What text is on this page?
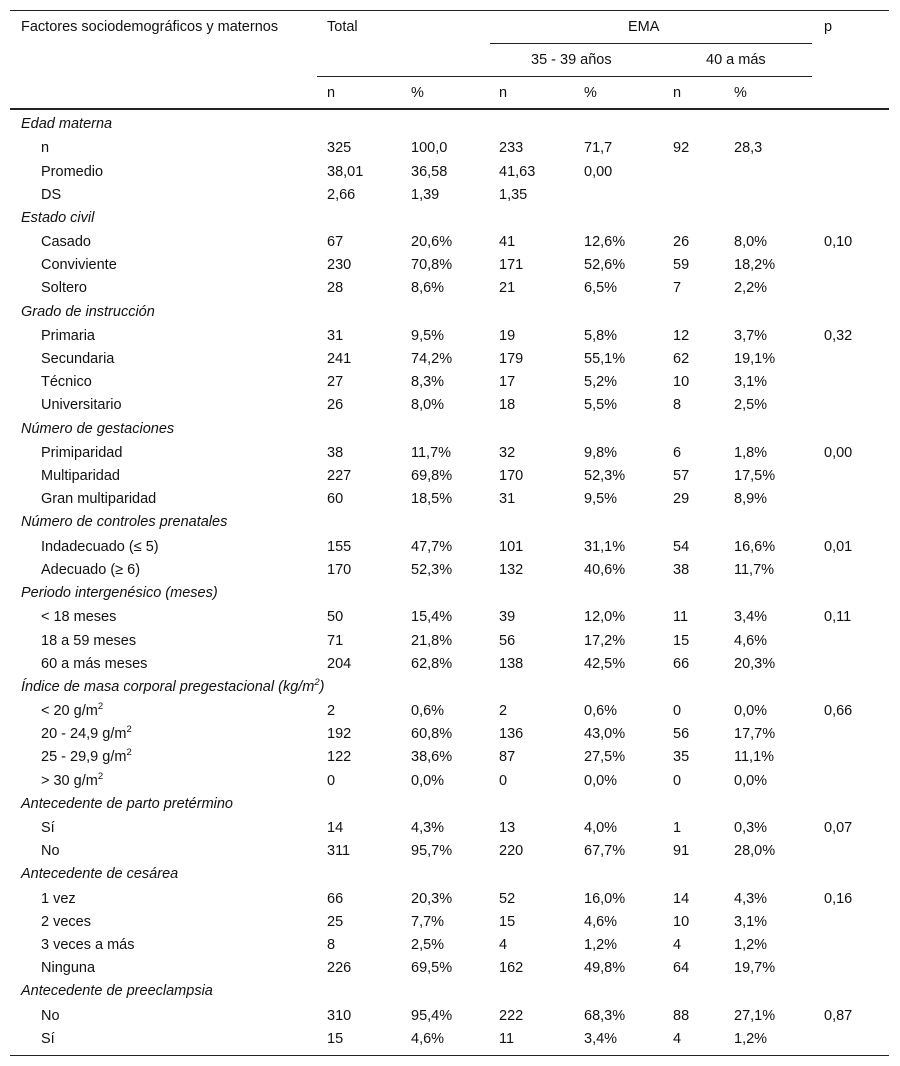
Factores sociodemográficos y maternos	Total	EMA	p
35 - 39 años	40 a más
n	%	n	%	n	%
Edad materna
n	325	100,0	233	71,7	92	28,3
Promedio	38,01	36,58	41,63	0,00
DS	2,66	1,39	1,35
Estado civil
Casado	67	20,6%	41	12,6%	26	8,0%	0,10
Conviviente	230	70,8%	171	52,6%	59	18,2%
Soltero	28	8,6%	21	6,5%	7	2,2%
Grado de instrucción
Primaria	31	9,5%	19	5,8%	12	3,7%	0,32
Secundaria	241	74,2%	179	55,1%	62	19,1%
Técnico	27	8,3%	17	5,2%	10	3,1%
Universitario	26	8,0%	18	5,5%	8	2,5%
Número de gestaciones
Primiparidad	38	11,7%	32	9,8%	6	1,8%	0,00
Multiparidad	227	69,8%	170	52,3%	57	17,5%
Gran multiparidad	60	18,5%	31	9,5%	29	8,9%
Número de controles prenatales
Indadecuado (≤ 5)	155	47,7%	101	31,1%	54	16,6%	0,01
Adecuado (≥ 6)	170	52,3%	132	40,6%	38	11,7%
Periodo intergenésico (meses)
< 18 meses	50	15,4%	39	12,0%	11	3,4%	0,11
18 a 59 meses	71	21,8%	56	17,2%	15	4,6%
60 a más meses	204	62,8%	138	42,5%	66	20,3%
Índice de masa corporal pregestacional $(kg/m^2)$
< 20 $g/m^2$	2	0,6%	2	0,6%	0	0,0%	0,66
20 - 24,9 $g/m^2$	192	60,8%	136	43,0%	56	17,7%
25 - 29,9 $g/m^2$	122	38,6%	87	27,5%	35	11,1%
> 30 $g/m^2$	0	0,0%	0	0,0%	0	0,0%
Antecedente de parto pretérmino
Sí	14	4,3%	13	4,0%	1	0,3%	0,07
No	311	95,7%	220	67,7%	91	28,0%
Antecedente de cesárea
1 vez	66	20,3%	52	16,0%	14	4,3%	0,16
2 veces	25	7,7%	15	4,6%	10	3,1%
3 veces a más	8	2,5%	4	1,2%	4	1,2%
Ninguna	226	69,5%	162	49,8%	64	19,7%
Antecedente de preeclampsia
No	310	95,4%	222	68,3%	88	27,1%	0,87
Sí	15	4,6%	11	3,4%	4	1,2%
